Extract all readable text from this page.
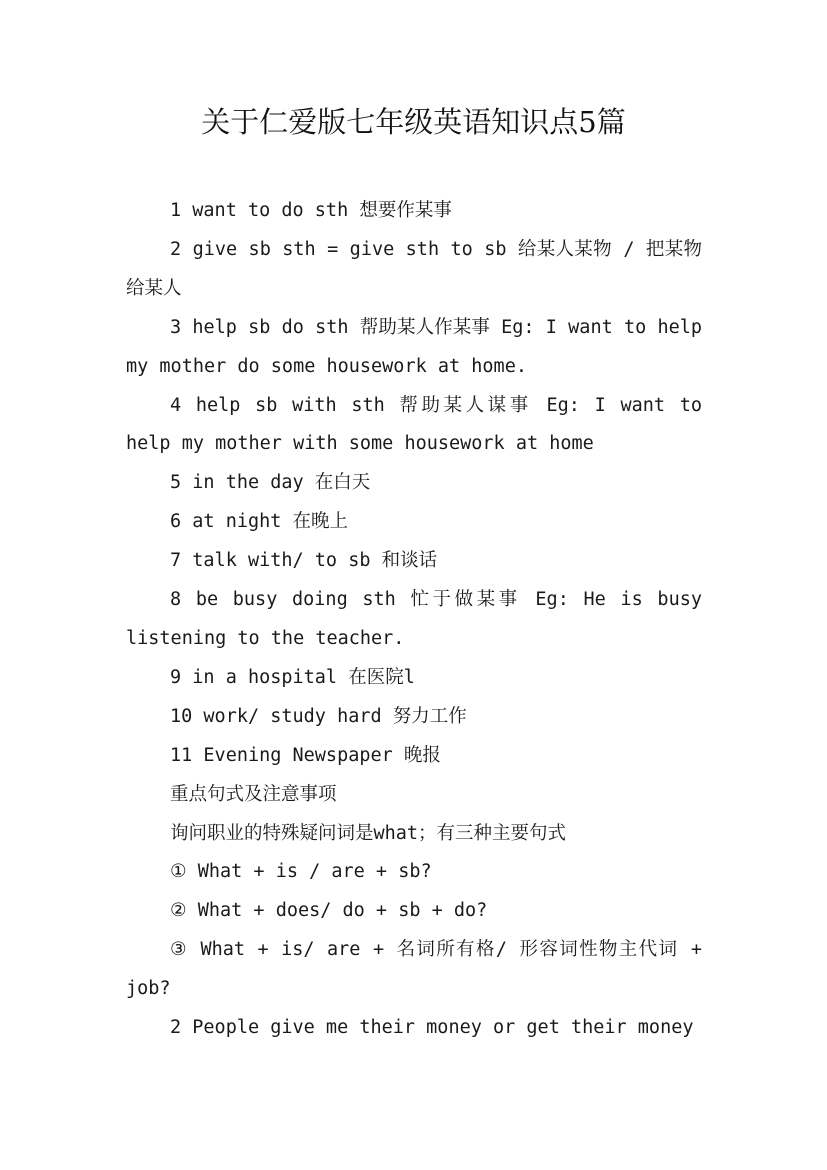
关于仁爱版七年级英语知识点5篇

1 want to do sth 想要作某事

2 give sb sth = give sth to sb 给某人某物 / 把某物给某人

3 help sb do sth 帮助某人作某事 Eg: I want to help my mother do some housework at home.

4 help sb with sth 帮助某人谋事 Eg: I want to help my mother with some housework at home

5 in the day 在白天

6 at night 在晚上

7 talk with/ to sb 和谈话

8 be busy doing sth 忙于做某事 Eg: He is busy listening to the teacher.

9 in a hospital 在医院l

10 work/ study hard 努力工作

11 Evening Newspaper 晚报

重点句式及注意事项

询问职业的特殊疑问词是what；有三种主要句式

① What + is / are + sb?

② What + does/ do + sb + do?

③ What + is/ are + 名词所有格/ 形容词性物主代词 + job?

2 People give me their money or get their money
